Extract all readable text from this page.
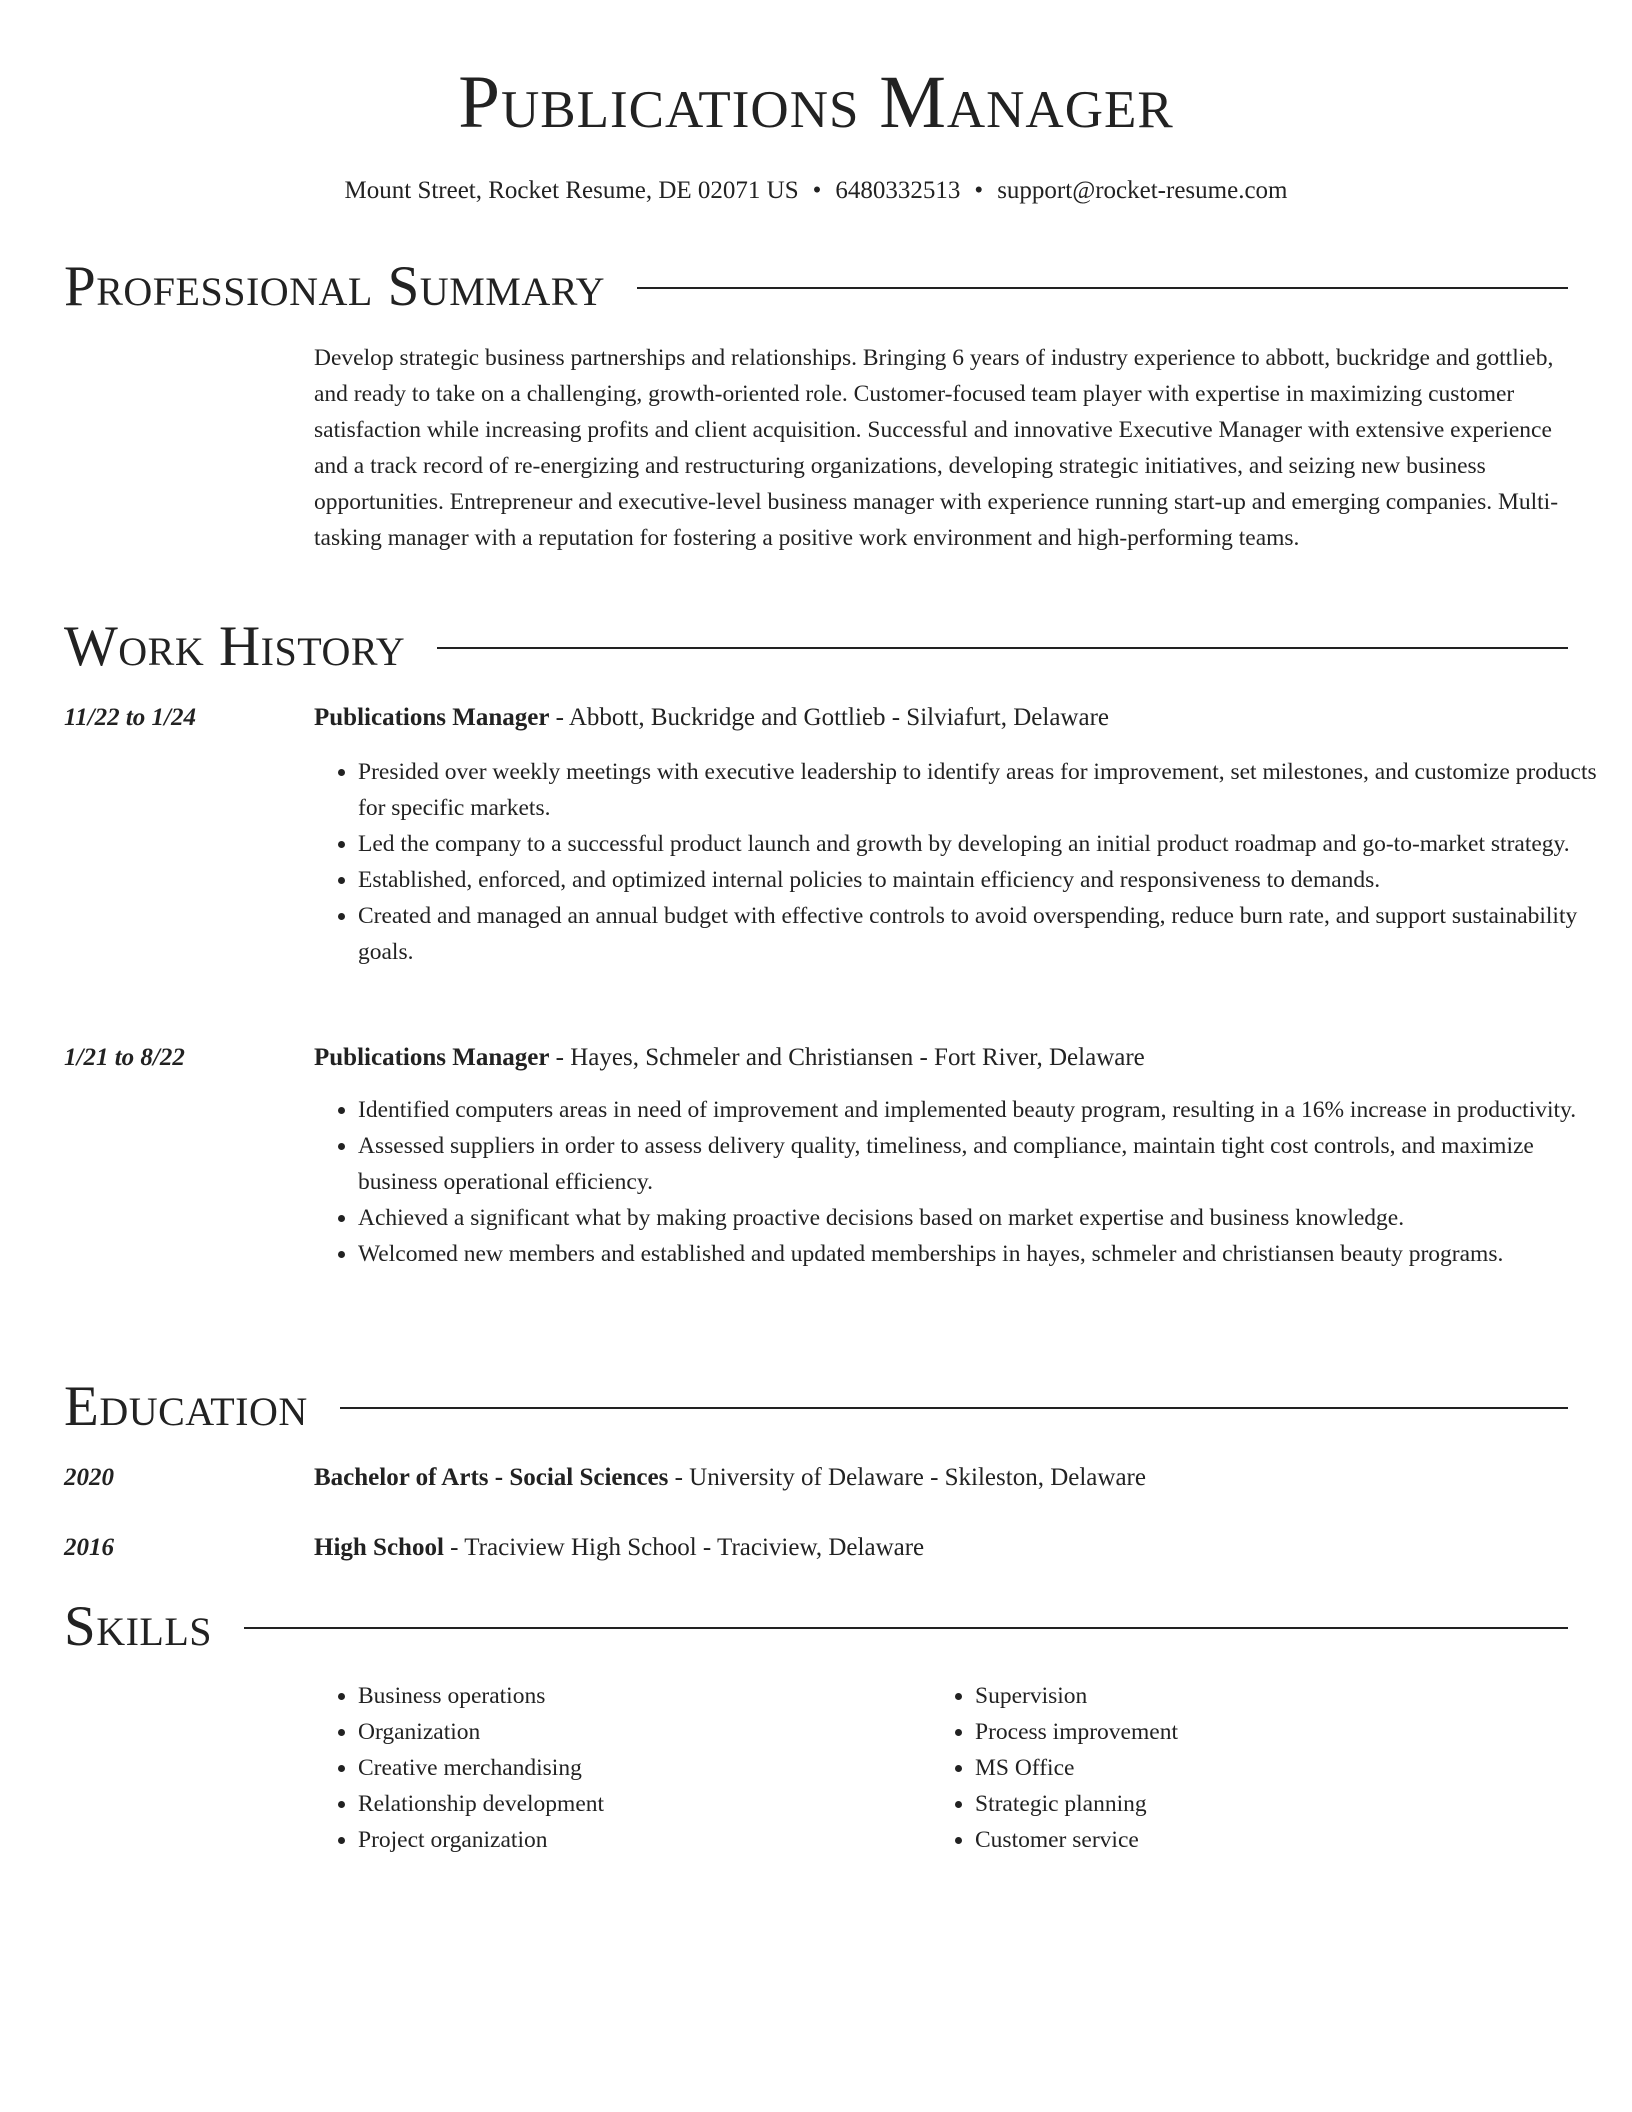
Publications Manager
Mount Street, Rocket Resume, DE 02071 US • 6480332513 • support@rocket-resume.com
Professional Summary

Develop strategic business partnerships and relationships. Bringing 6 years of industry experience to abbott, buckridge and gottlieb, and ready to take on a challenging, growth-oriented role. Customer-focused team player with expertise in maximizing customer satisfaction while increasing profits and client acquisition. Successful and innovative Executive Manager with extensive experience and a track record of re-energizing and restructuring organizations, developing strategic initiatives, and seizing new business opportunities. Entrepreneur and executive-level business manager with experience running start-up and emerging companies. Multi-tasking manager with a reputation for fostering a positive work environment and high-performing teams.

Work History
11/22 to 1/24	Publications Manager - Abbott, Buckridge and Gottlieb - Silviafurt, Delaware
• Presided over weekly meetings with executive leadership to identify areas for improvement, set milestones, and customize products for specific markets.
• Led the company to a successful product launch and growth by developing an initial product roadmap and go-to-market strategy.
• Established, enforced, and optimized internal policies to maintain efficiency and responsiveness to demands.
• Created and managed an annual budget with effective controls to avoid overspending, reduce burn rate, and support sustainability goals.
1/21 to 8/22	Publications Manager - Hayes, Schmeler and Christiansen - Fort River, Delaware
• Identified computers areas in need of improvement and implemented beauty program, resulting in a 16% increase in productivity.
• Assessed suppliers in order to assess delivery quality, timeliness, and compliance, maintain tight cost controls, and maximize business operational efficiency.
• Achieved a significant what by making proactive decisions based on market expertise and business knowledge.
• Welcomed new members and established and updated memberships in hayes, schmeler and christiansen beauty programs.
Education
2020	Bachelor of Arts - Social Sciences - University of Delaware - Skileston, Delaware
2016	High School - Traciview High School - Traciview, Delaware
Skills
• Business operations
• Organization
• Creative merchandising
• Relationship development
• Project organization
• Supervision
• Process improvement
• MS Office
• Strategic planning
• Customer service
